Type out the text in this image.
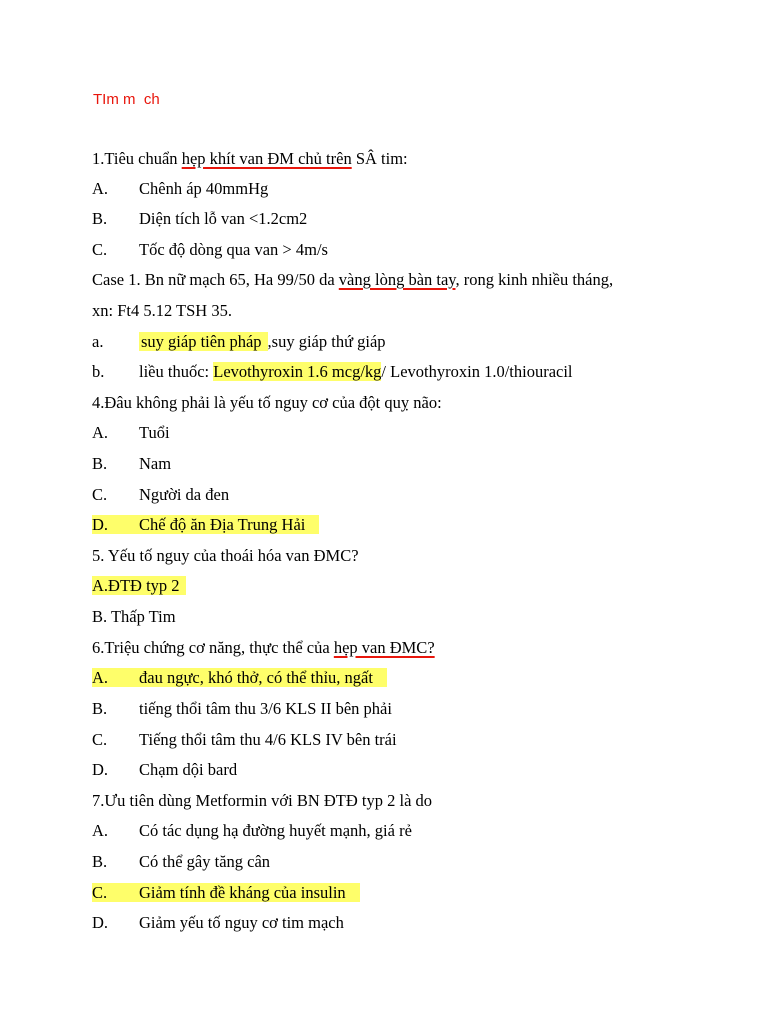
TIm m  ch
1.Tiêu chuẩn hẹp khít van ĐM chủ trên SÂ tim:
A. Chênh áp 40mmHg
B. Diện tích lỗ van <1.2cm2
C. Tốc độ dòng qua van > 4m/s
Case 1. Bn nữ mạch 65, Ha 99/50 da vàng lòng bàn tay, rong kinh nhiều tháng,
xn: Ft4 5.12 TSH 35.
a. suy giáp tiên pháp ,suy giáp thứ giáp
b.liều thuốc: Levothyroxin 1.6 mcg/kg/ Levothyroxin 1.0/thiouracil
4.Đâu không phải là yếu tố nguy cơ của đột quỵ não:
A. Tuổi
B. Nam
C. Người da đen
D. Chế độ ăn Địa Trung Hải
5. Yếu tố nguy của thoái hóa van ĐMC?
A.ĐTĐ typ 2
B. Thấp Tim
6.Triệu chứng cơ năng, thực thể của hẹp van ĐMC?
A. đau ngực, khó thở, có thể thỉu, ngất
B. tiếng thổi tâm thu 3/6 KLS II bên phải
C. Tiếng thổi tâm thu 4/6 KLS IV bên trái
D. Chạm dội bard
7.Ưu tiên dùng Metformin với BN ĐTĐ typ 2 là do
A. Có tác dụng hạ đường huyết mạnh, giá rẻ
B. Có thể gây tăng cân
C. Giảm tính đề kháng của insulin
D. Giảm yếu tố nguy cơ tim mạch
